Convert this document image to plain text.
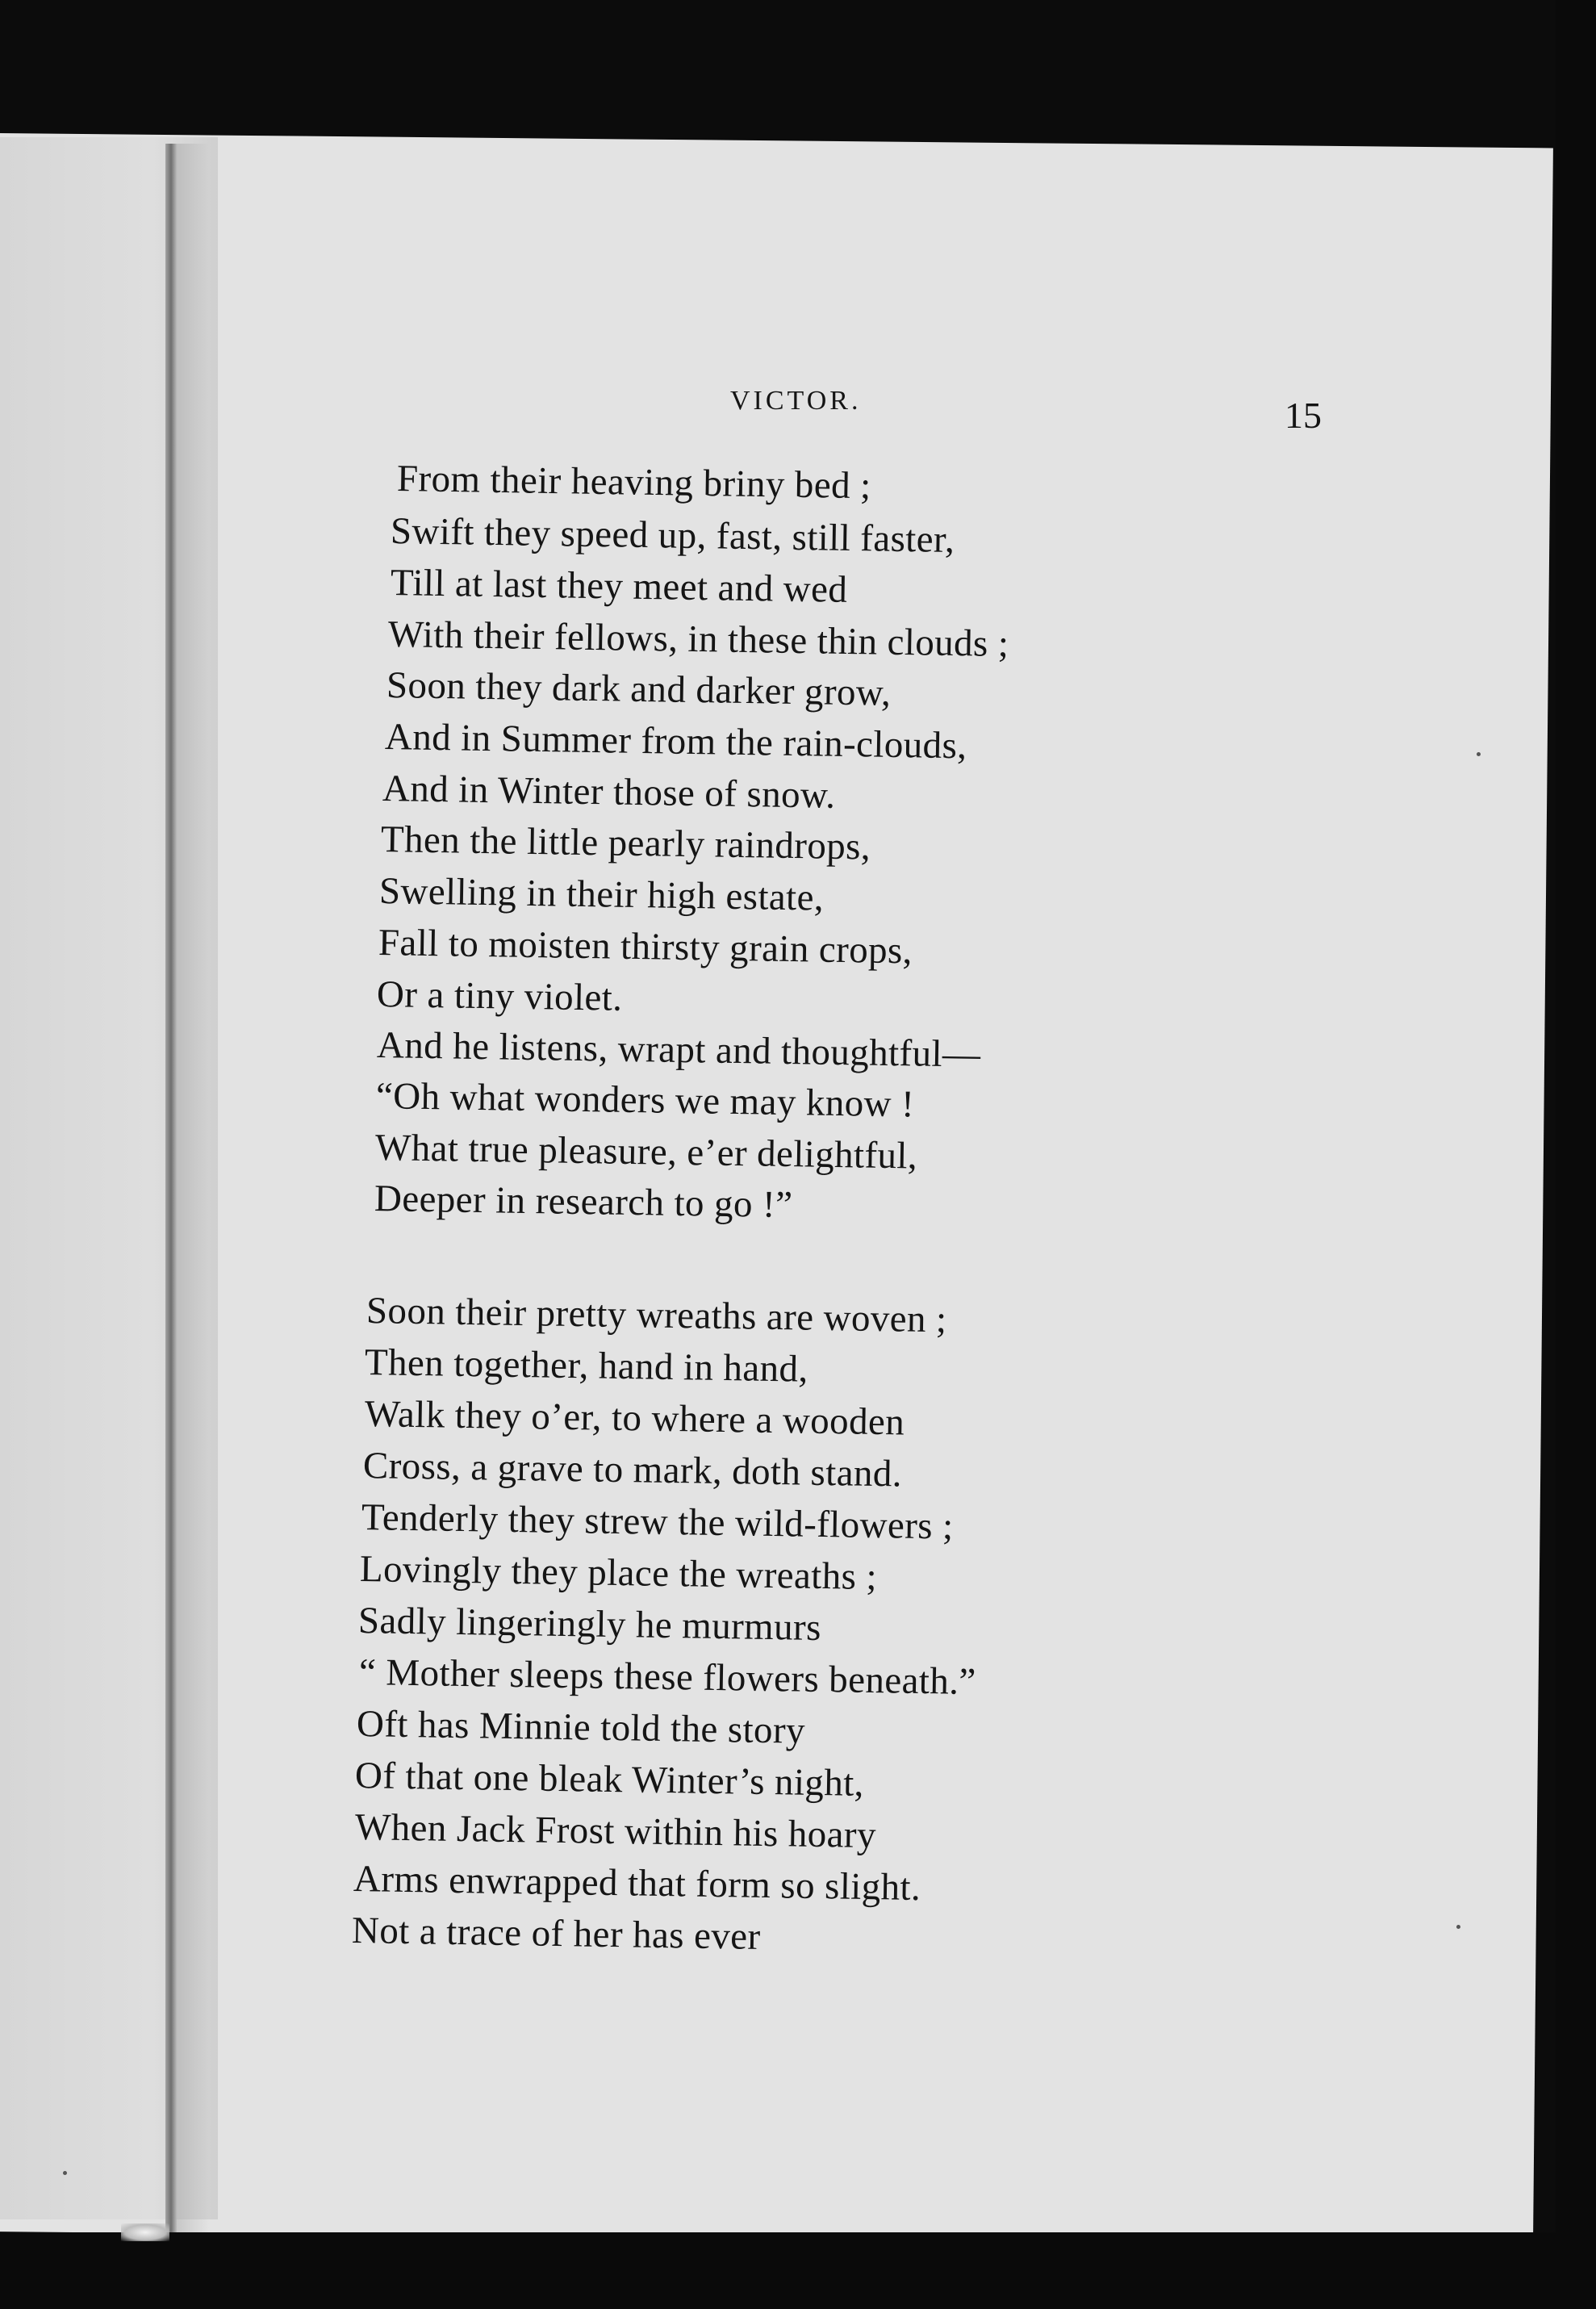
VICTOR.	15
From their heaving briny bed ;
Swift they speed up, fast, still faster,
Till at last they meet and wed
With their fellows, in these thin clouds ;
Soon they dark and darker grow,
And in Summer from the rain-clouds,
And in Winter those of snow.
Then the little pearly raindrops,
Swelling in their high estate,
Fall to moisten thirsty grain crops,
Or a tiny violet.
And he listens, wrapt and thoughtful—
“Oh what wonders we may know !
What true pleasure, e’er delightful,
Deeper in research to go !”
Soon their pretty wreaths are woven ;
Then together, hand in hand,
Walk they o’er, to where a wooden
Cross, a grave to mark, doth stand.
Tenderly they strew the wild-flowers ;
Lovingly they place the wreaths ;
Sadly lingeringly he murmurs
“ Mother sleeps these flowers beneath.”
Oft has Minnie told the story
Of that one bleak Winter’s night,
When Jack Frost within his hoary
Arms enwrapped that form so slight.
Not a trace of her has ever
